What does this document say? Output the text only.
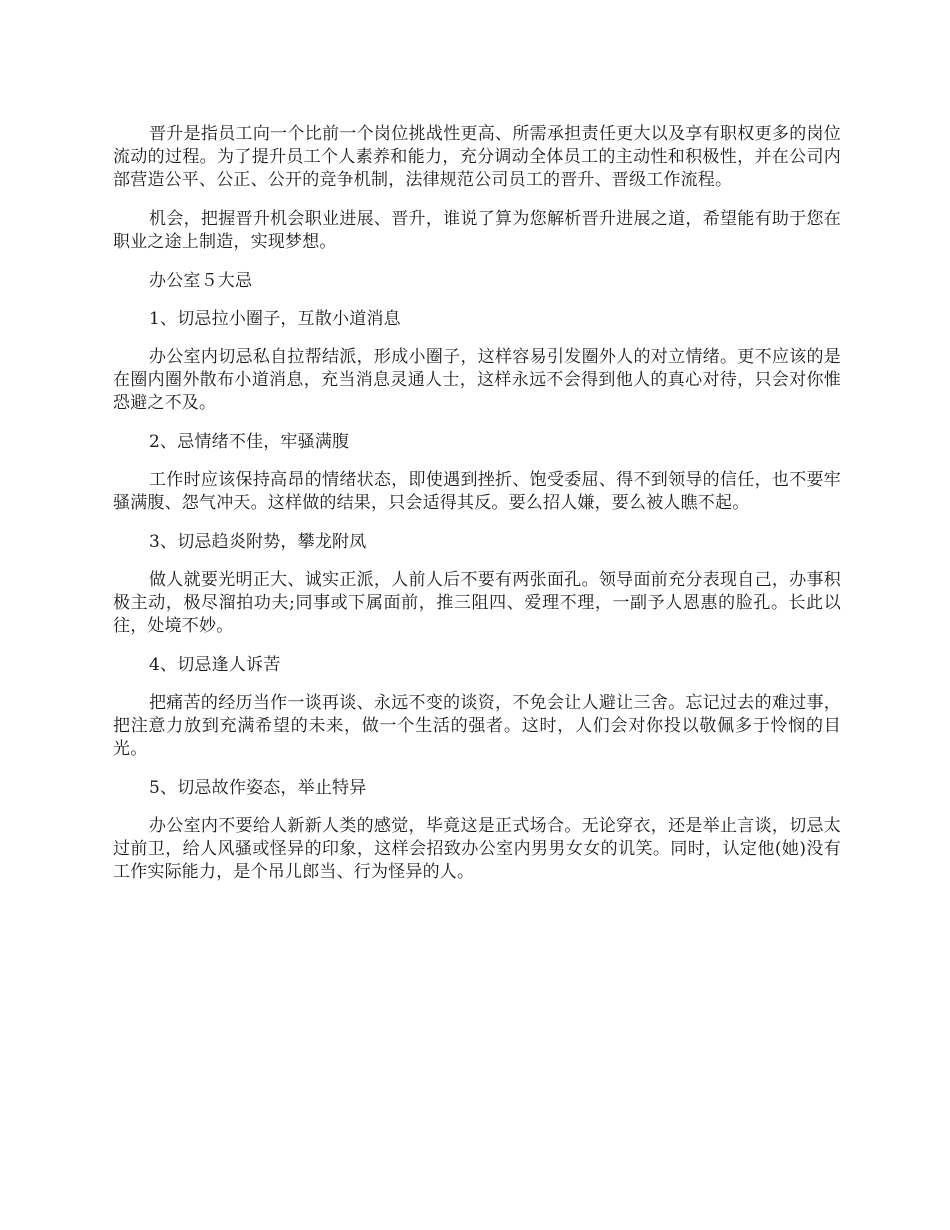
晋升是指员工向一个比前一个岗位挑战性更高、所需承担责任更大以及享有职权更多的岗位流动的过程。为了提升员工个人素养和能力，充分调动全体员工的主动性和积极性，并在公司内部营造公平、公正、公开的竞争机制，法律规范公司员工的晋升、晋级工作流程。

机会，把握晋升机会职业进展、晋升，谁说了算为您解析晋升进展之道，希望能有助于您在职业之途上制造，实现梦想。

办公室５大忌

1、切忌拉小圈子，互散小道消息

办公室内切忌私自拉帮结派，形成小圈子，这样容易引发圈外人的对立情绪。更不应该的是在圈内圈外散布小道消息，充当消息灵通人士，这样永远不会得到他人的真心对待，只会对你惟恐避之不及。

2、忌情绪不佳，牢骚满腹

工作时应该保持高昂的情绪状态，即使遇到挫折、饱受委屈、得不到领导的信任，也不要牢骚满腹、怨气冲天。这样做的结果，只会适得其反。要么招人嫌，要么被人瞧不起。

3、切忌趋炎附势，攀龙附凤

做人就要光明正大、诚实正派，人前人后不要有两张面孔。领导面前充分表现自己，办事积极主动，极尽溜拍功夫;同事或下属面前，推三阻四、爱理不理，一副予人恩惠的脸孔。长此以往，处境不妙。

4、切忌逢人诉苦

把痛苦的经历当作一谈再谈、永远不变的谈资，不免会让人避让三舍。忘记过去的难过事，把注意力放到充满希望的未来，做一个生活的强者。这时，人们会对你投以敬佩多于怜悯的目光。

5、切忌故作姿态，举止特异

办公室内不要给人新新人类的感觉，毕竟这是正式场合。无论穿衣，还是举止言谈，切忌太过前卫，给人风骚或怪异的印象，这样会招致办公室内男男女女的讥笑。同时，认定他(她)没有工作实际能力，是个吊儿郎当、行为怪异的人。
